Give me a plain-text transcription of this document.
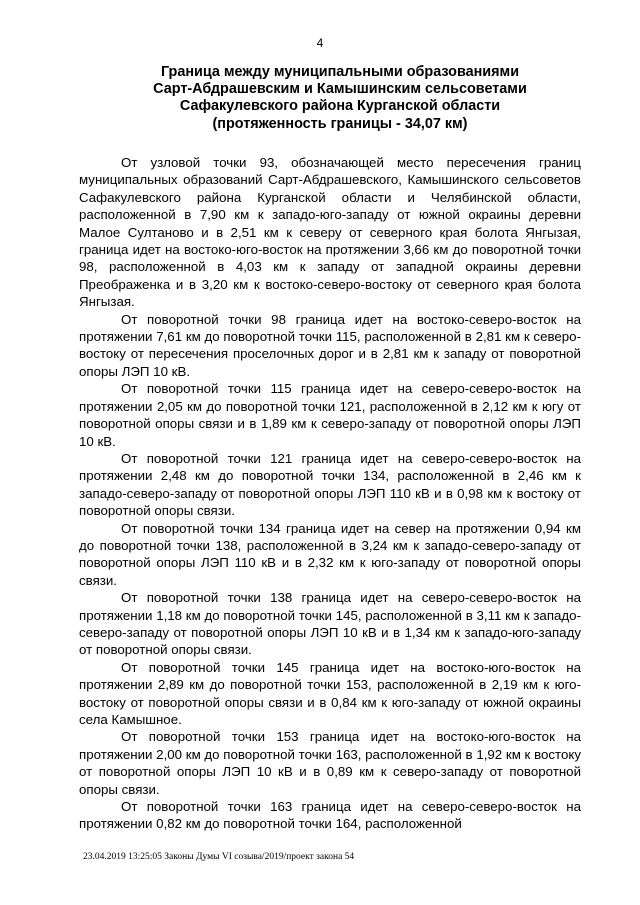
4
Граница между муниципальными образованиями
Сарт-Абдрашевским и Камышинским сельсоветами
Сафакулевского района Курганской области
(протяженность границы - 34,07 км)

От узловой точки 93, обозначающей место пересечения границ муниципальных образований Сарт-Абдрашевского, Камышинского сельсоветов Сафакулевского района Курганской области и Челябинской области, расположенной в 7,90 км к западо-юго-западу от южной окраины деревни Малое Султаново и в 2,51 км к северу от северного края болота Янгызая, граница идет на востоко-юго-восток на протяжении 3,66 км до поворотной точки 98, расположенной в 4,03 км к западу от западной окраины деревни Преображенка и в 3,20 км к востоко-северо-востоку от северного края болота Янгызая.

От поворотной точки 98 граница идет на востоко-северо-восток на протяжении 7,61 км до поворотной точки 115, расположенной в 2,81 км к северо-востоку от пересечения проселочных дорог и в 2,81 км к западу от поворотной опоры ЛЭП 10 кВ.

От поворотной точки 115 граница идет на северо-северо-восток на протяжении 2,05 км до поворотной точки 121, расположенной в 2,12 км к югу от поворотной опоры связи и в 1,89 км к северо-западу от поворотной опоры ЛЭП 10 кВ.

От поворотной точки 121 граница идет на северо-северо-восток на протяжении 2,48 км до поворотной точки 134, расположенной в 2,46 км к западо-северо-западу от поворотной опоры ЛЭП 110 кВ и в 0,98 км к востоку от поворотной опоры связи.

От поворотной точки 134 граница идет на север на протяжении 0,94 км до поворотной точки 138, расположенной в 3,24 км к западо-северо-западу от поворотной опоры ЛЭП 110 кВ и в 2,32 км к юго-западу от поворотной опоры связи.

От поворотной точки 138 граница идет на северо-северо-восток на протяжении 1,18 км до поворотной точки 145, расположенной в 3,11 км к западо-северо-западу от поворотной опоры ЛЭП 10 кВ и в 1,34 км к западо-юго-западу от поворотной опоры связи.

От поворотной точки 145 граница идет на востоко-юго-восток на протяжении 2,89 км до поворотной точки 153, расположенной в 2,19 км к юго-востоку от поворотной опоры связи и в 0,84 км к юго-западу от южной окраины села Камышное.

От поворотной точки 153 граница идет на востоко-юго-восток на протяжении 2,00 км до поворотной точки 163, расположенной в 1,92 км к востоку от поворотной опоры ЛЭП 10 кВ и в 0,89 км к северо-западу от поворотной опоры связи.

От поворотной точки 163 граница идет на северо-северо-восток на протяжении 0,82 км до поворотной точки 164, расположенной

23.04.2019 13:25:05 Законы Думы VI созыва/2019/проект закона 54
